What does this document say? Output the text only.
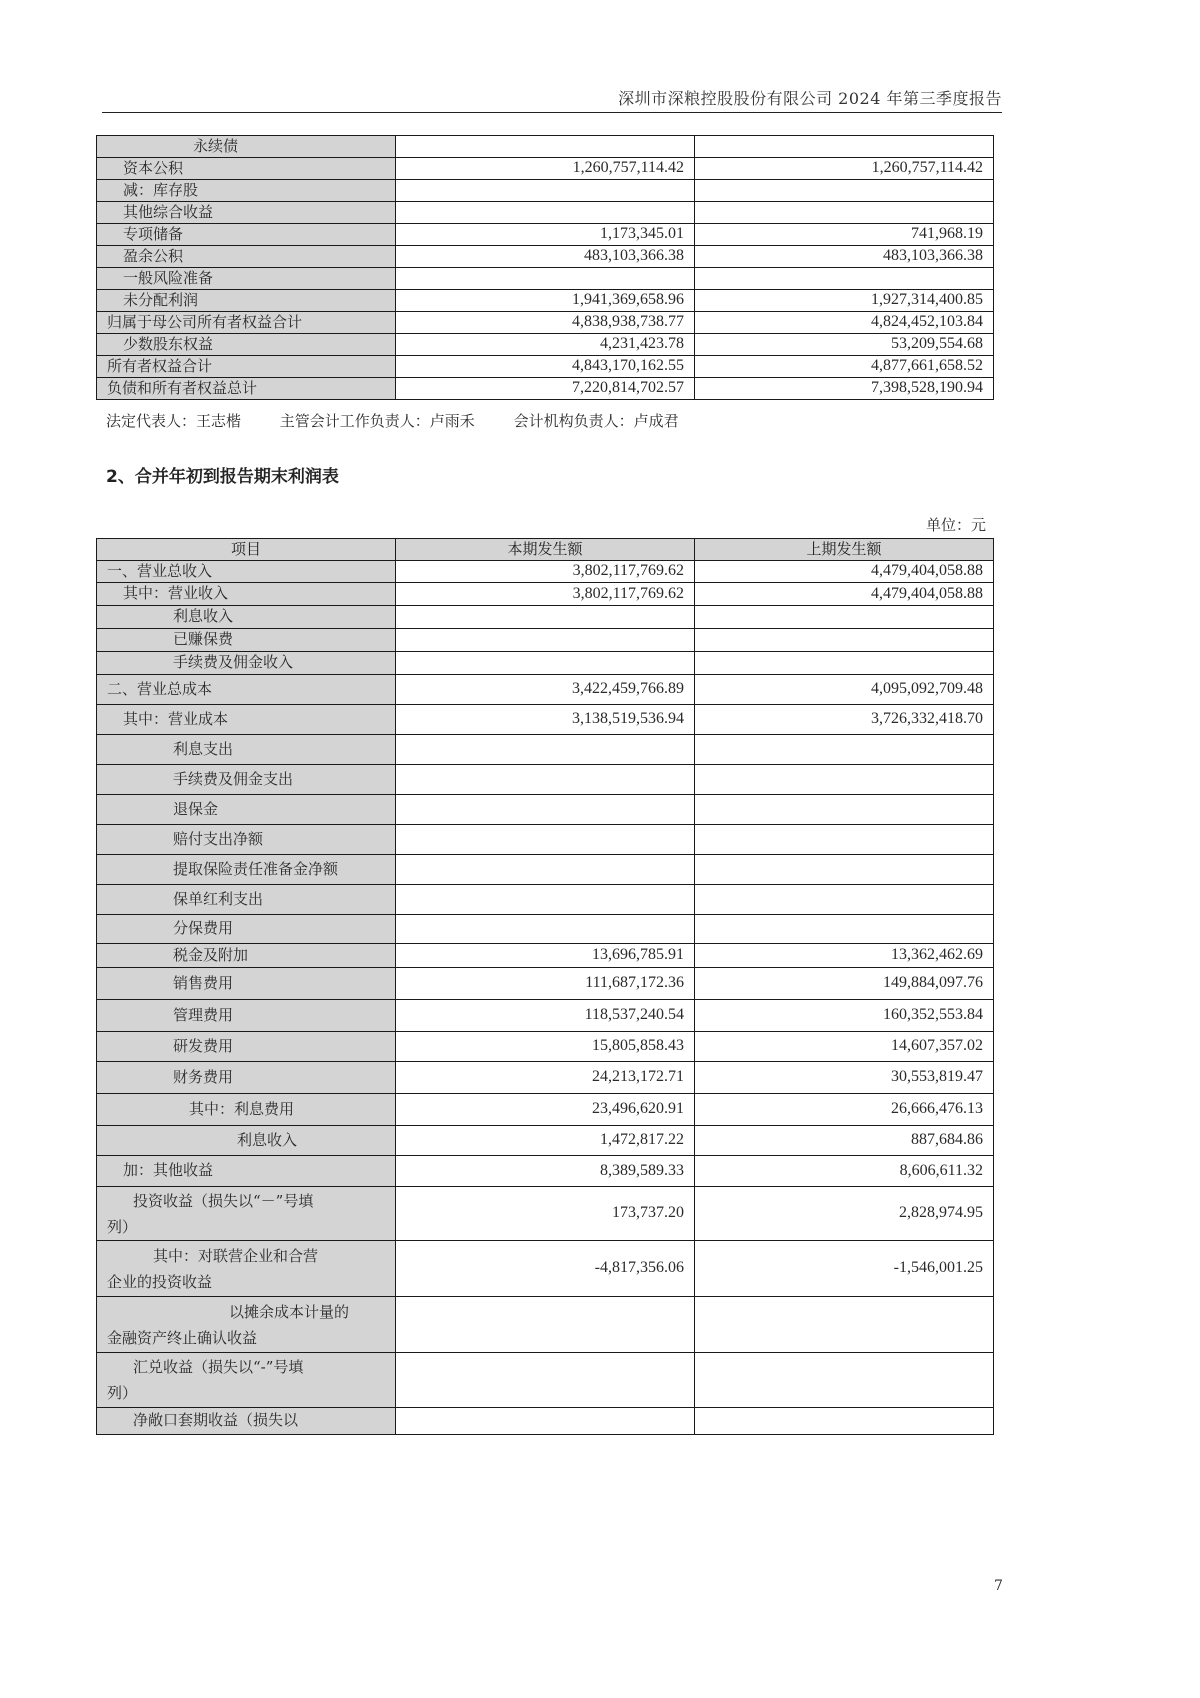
深圳市深粮控股股份有限公司 2024 年第三季度报告
永续债		
资本公积	1,260,757,114.42	1,260,757,114.42
减：库存股		
其他综合收益		
专项储备	1,173,345.01	741,968.19
盈余公积	483,103,366.38	483,103,366.38
一般风险准备		
未分配利润	1,941,369,658.96	1,927,314,400.85
归属于母公司所有者权益合计	4,838,938,738.77	4,824,452,103.84
少数股东权益	4,231,423.78	53,209,554.68
所有者权益合计	4,843,170,162.55	4,877,661,658.52
负债和所有者权益总计	7,220,814,702.57	7,398,528,190.94
法定代表人：王志楷	主管会计工作负责人：卢雨禾	会计机构负责人：卢成君
2、合并年初到报告期末利润表
单位：元
项目	本期发生额	上期发生额
一、营业总收入	3,802,117,769.62	4,479,404,058.88
其中：营业收入	3,802,117,769.62	4,479,404,058.88
利息收入		
已赚保费		
手续费及佣金收入		
二、营业总成本	3,422,459,766.89	4,095,092,709.48
其中：营业成本	3,138,519,536.94	3,726,332,418.70
利息支出		
手续费及佣金支出		
退保金		
赔付支出净额		
提取保险责任准备金净额		
保单红利支出		
分保费用		
税金及附加	13,696,785.91	13,362,462.69
销售费用	111,687,172.36	149,884,097.76
管理费用	118,537,240.54	160,352,553.84
研发费用	15,805,858.43	14,607,357.02
财务费用	24,213,172.71	30,553,819.47
其中：利息费用	23,496,620.91	26,666,476.13
利息收入	1,472,817.22	887,684.86
加：其他收益	8,389,589.33	8,606,611.32

投资收益（损失以“－”号填
列）	173,737.20	2,828,974.95

其中：对联营企业和合营
企业的投资收益	-4,817,356.06	-1,546,001.25

以摊余成本计量的
金融资产终止确认收益		

汇兑收益（损失以“-”号填
列）		

净敞口套期收益（损失以		
7
